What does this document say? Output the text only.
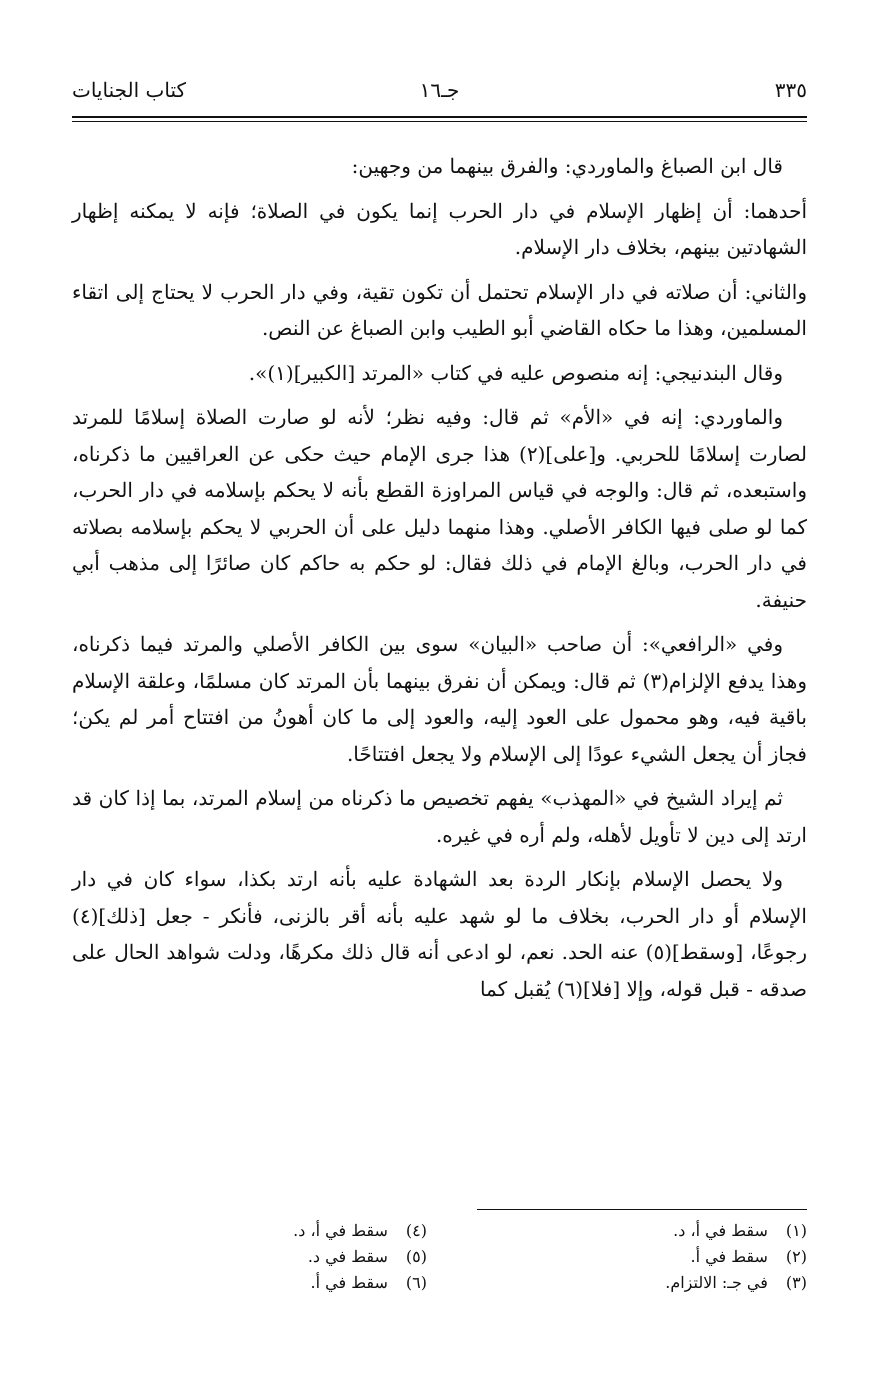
٣٣٥
جـ١٦
كتاب الجنايات

قال ابن الصباغ والماوردي: والفرق بينهما من وجهين:

أحدهما: أن إظهار الإسلام في دار الحرب إنما يكون في الصلاة؛ فإنه لا يمكنه إظهار الشهادتين بينهم، بخلاف دار الإسلام.

والثاني: أن صلاته في دار الإسلام تحتمل أن تكون تقية، وفي دار الحرب لا يحتاج إلى اتقاء المسلمين، وهذا ما حكاه القاضي أبو الطيب وابن الصباغ عن النص.

وقال البندنيجي: إنه منصوص عليه في كتاب «المرتد [الكبير](١)».

والماوردي: إنه في «الأم» ثم قال: وفيه نظر؛ لأنه لو صارت الصلاة إسلامًا للمرتد لصارت إسلامًا للحربي. و[على](٢) هذا جرى الإمام حيث حكى عن العراقيين ما ذكرناه، واستبعده، ثم قال: والوجه في قياس المراوزة القطع بأنه لا يحكم بإسلامه في دار الحرب، كما لو صلى فيها الكافر الأصلي. وهذا منهما دليل على أن الحربي لا يحكم بإسلامه بصلاته في دار الحرب، وبالغ الإمام في ذلك فقال: لو حكم به حاكم كان صائرًا إلى مذهب أبي حنيفة.

وفي «الرافعي»: أن صاحب «البيان» سوى بين الكافر الأصلي والمرتد فيما ذكرناه، وهذا يدفع الإلزام(٣) ثم قال: ويمكن أن نفرق بينهما بأن المرتد كان مسلمًا، وعلقة الإسلام باقية فيه، وهو محمول على العود إليه، والعود إلى ما كان أهونُ من افتتاح أمر لم يكن؛ فجاز أن يجعل الشيء عودًا إلى الإسلام ولا يجعل افتتاحًا.

ثم إيراد الشيخ في «المهذب» يفهم تخصيص ما ذكرناه من إسلام المرتد، بما إذا كان قد ارتد إلى دين لا تأويل لأهله، ولم أره في غيره.

ولا يحصل الإسلام بإنكار الردة بعد الشهادة عليه بأنه ارتد بكذا، سواء كان في دار الإسلام أو دار الحرب، بخلاف ما لو شهد عليه بأنه أقر بالزنى، فأنكر - جعل [ذلك](٤) رجوعًا، [وسقط](٥) عنه الحد. نعم، لو ادعى أنه قال ذلك مكرهًا، ودلت شواهد الحال على صدقه - قبل قوله، وإلا [فلا](٦) يُقبل كما

(١) سقط في أ، د.
(٢) سقط في أ.
(٣) في جـ: الالتزام.
(٤) سقط في أ، د.
(٥) سقط في د.
(٦) سقط في أ.
